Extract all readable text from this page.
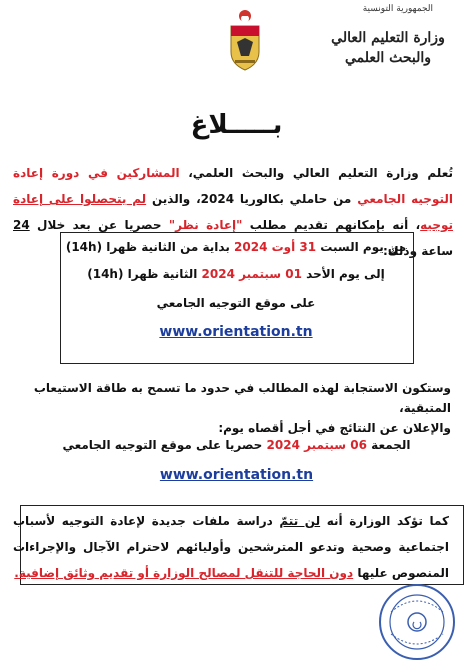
الجمهورية التونسية
وزارة التعليم العالي
والبحث العلمي
بـــــلاغ
تُعلم وزارة التعليم العالي والبحث العلمي، المشاركين في دورة إعادة التوجيه الجامعي من حاملي بكالوريا 2024، والذين لم يتحصلوا على إعادة توجيه، أنه بإمكانهم تقديم مطلب "إعادة نظر" حصريا عن بعد خلال 24 ساعة وذلك:
من يوم السبت 31 أوت 2024 بداية من الثانية ظهرا (14h)
إلى يوم الأحد 01 سبتمبر 2024 الثانية ظهرا (14h)
على موقع التوجيه الجامعي
www.orientation.tn
وستكون الاستجابة لهذه المطالب في حدود ما تسمح به طاقة الاستيعاب المتبقية،
والإعلان عن النتائج في أجل أقصاه يوم:
الجمعة 06 سبتمبر 2024 حصريا على موقع التوجيه الجامعي
www.orientation.tn
كما تؤكد الوزارة أنه لن تتمّ دراسة ملفات جديدة لإعادة التوجيه لأسباب اجتماعية وصحية وتدعو المترشحين وأوليائهم لاحترام الآجال والإجراءات المنصوص عليها دون الحاجة للتنقل لمصالح الوزارة أو تقديم وثائق إضافية.
